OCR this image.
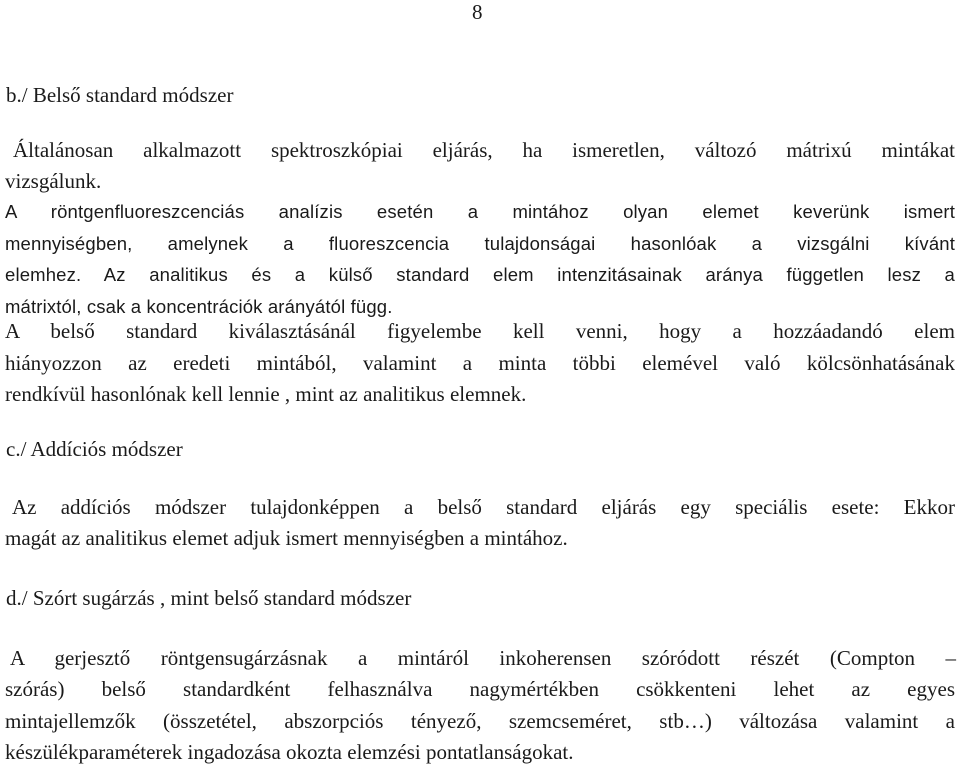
8
b./ Belső standard módszer
Általánosan alkalmazott spektroszkópiai eljárás, ha ismeretlen, változó mátrixú mintákat
vizsgálunk.
A röntgenfluoreszcenciás analízis esetén a mintához olyan elemet keverünk ismert
mennyiségben, amelynek a fluoreszcencia tulajdonságai hasonlóak a vizsgálni kívánt
elemhez. Az analitikus és a külső standard elem intenzitásainak aránya független lesz a
mátrixtól, csak a koncentrációk arányától függ.
A belső standard kiválasztásánál figyelembe kell venni, hogy a hozzáadandó elem
hiányozzon az eredeti mintából, valamint a minta többi elemével való kölcsönhatásának
rendkívül hasonlónak kell lennie , mint az analitikus elemnek.
c./ Addíciós módszer
Az addíciós módszer tulajdonképpen a belső standard eljárás egy speciális esete: Ekkor
magát az analitikus elemet adjuk ismert mennyiségben a mintához.
d./ Szórt sugárzás , mint belső standard módszer
A gerjesztő röntgensugárzásnak a mintáról inkoherensen szóródott részét (Compton –
szórás) belső standardként felhasználva nagymértékben csökkenteni lehet az egyes
mintajellemzők (összetétel, abszorpciós tényező, szemcseméret, stb…) változása valamint a
készülékparaméterek ingadozása okozta elemzési pontatlanságokat.
